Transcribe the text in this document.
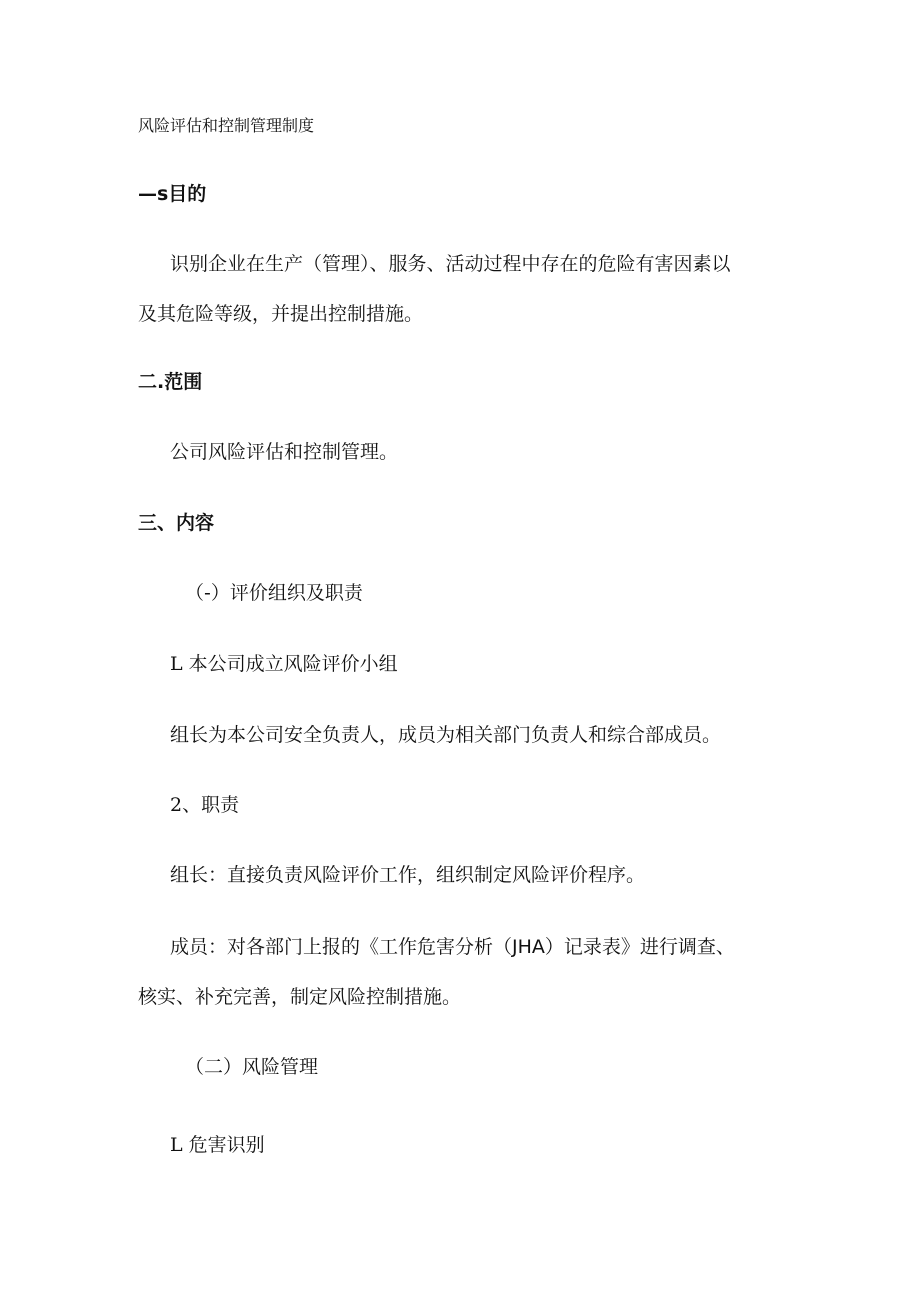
风险评估和控制管理制度
—s目的
识别企业在生产（管理）、服务、活动过程中存在的危险有害因素以
及其危险等级，并提出控制措施。
二.范围
公司风险评估和控制管理。
三、内容
（-）评价组织及职责
L 本公司成立风险评价小组
组长为本公司安全负责人，成员为相关部门负责人和综合部成员。
2、职责
组长：直接负责风险评价工作，组织制定风险评价程序。
成员：对各部门上报的《工作危害分析（JHA）记录表》进行调查、
核实、补充完善，制定风险控制措施。
（二）风险管理
L 危害识别
